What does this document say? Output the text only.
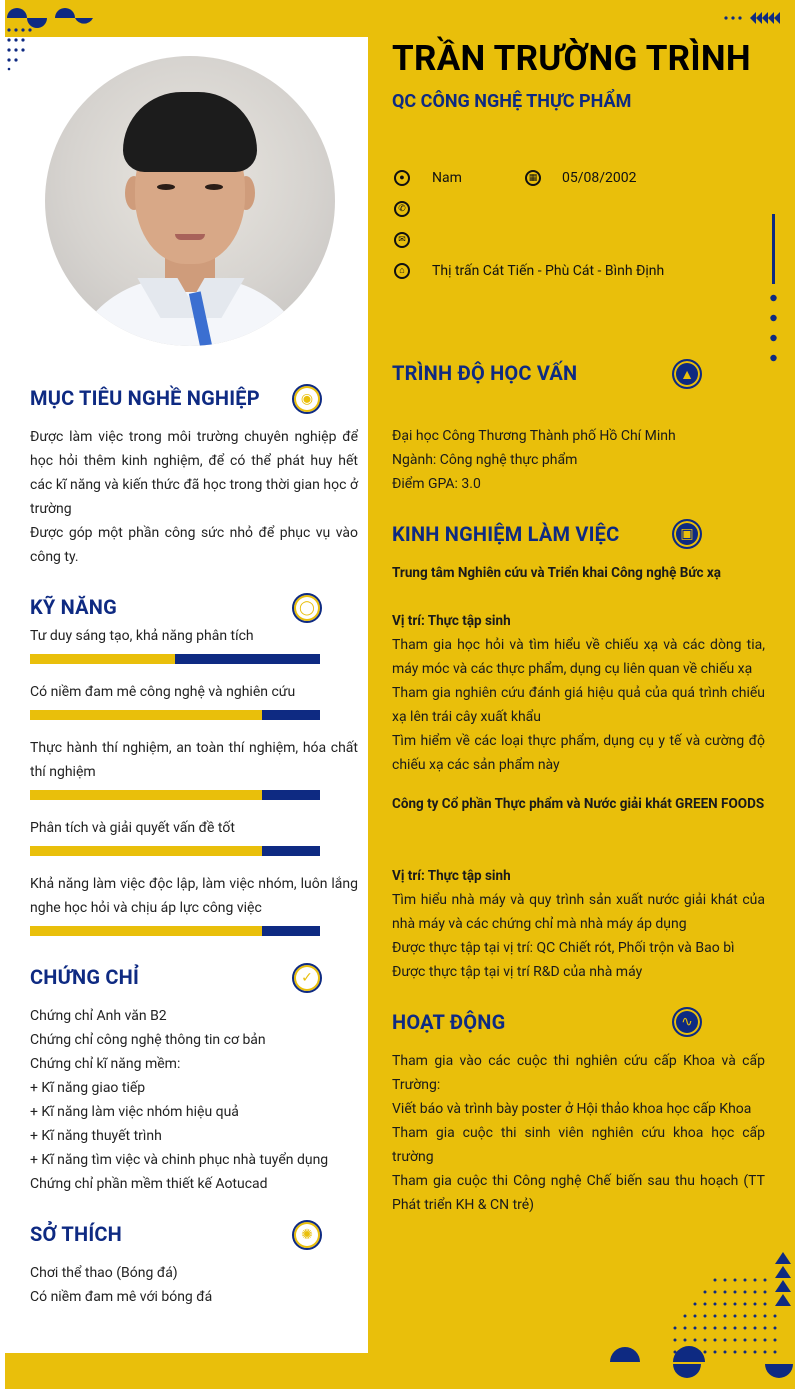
TRẦN TRƯỜNG TRÌNH
QC CÔNG NGHỆ THỰC PHẨM
●	Nam	▦ 05/08/2002
✆
✉
⌂	Thị trấn Cát Tiến - Phù Cát - Bình Định
MỤC TIÊU NGHỀ NGHIỆP	◉

Được làm việc trong môi trường chuyên nghiệp để học hỏi thêm kinh nghiệm, để có thể phát huy hết các kĩ năng và kiến thức đã học trong thời gian học ở trường

Được góp một phần công sức nhỏ để phục vụ vào công ty.

KỸ NĂNG	◯
Tư duy sáng tạo, khả năng phân tích
Có niềm đam mê công nghệ và nghiên cứu
Thực hành thí nghiệm, an toàn thí nghiệm, hóa chất thí nghiệm
Phân tích và giải quyết vấn đề tốt
Khả năng làm việc độc lập, làm việc nhóm, luôn lắng nghe học hỏi và chịu áp lực công việc
CHỨNG CHỈ	✓

Chứng chỉ Anh văn B2

Chứng chỉ công nghệ thông tin cơ bản

Chứng chỉ kĩ năng mềm:

+ Kĩ năng giao tiếp

+ Kĩ năng làm việc nhóm hiệu quả

+ Kĩ năng thuyết trình

+ Kĩ năng tìm việc và chinh phục nhà tuyển dụng

Chứng chỉ phần mềm thiết kế Aotucad

SỞ THÍCH	✺

Chơi thể thao (Bóng đá)

Có niềm đam mê với bóng đá

TRÌNH ĐỘ HỌC VẤN	▲

Đại học Công Thương Thành phố Hồ Chí Minh

Ngành: Công nghệ thực phẩm

Điểm GPA: 3.0

KINH NGHIỆM LÀM VIỆC	▣

Trung tâm Nghiên cứu và Triển khai Công nghệ Bức xạ

Vị trí: Thực tập sinh

Tham gia học hỏi và tìm hiểu về chiếu xạ và các dòng tia, máy móc và các thực phẩm, dụng cụ liên quan về chiếu xạ

Tham gia nghiên cứu đánh giá hiệu quả của quá trình chiếu xạ lên trái cây xuất khẩu

Tìm hiểm về các loại thực phẩm, dụng cụ y tế và cường độ chiếu xạ các sản phẩm này

Công ty Cổ phần Thực phẩm và Nước giải khát GREEN FOODS

Vị trí: Thực tập sinh

Tìm hiểu nhà máy và quy trình sản xuất nước giải khát của nhà máy và các chứng chỉ mà nhà máy áp dụng

Được thực tập tại vị trí: QC Chiết rót, Phối trộn và Bao bì

Được thực tập tại vị trí R&D của nhà máy

HOẠT ĐỘNG	∿

Tham gia vào các cuộc thi nghiên cứu cấp Khoa và cấp Trường:

Viết báo và trình bày poster ở Hội thảo khoa học cấp Khoa

Tham gia cuộc thi sinh viên nghiên cứu khoa học cấp trường

Tham gia cuộc thi Công nghệ Chế biến sau thu hoạch (TT Phát triển KH & CN trẻ)
